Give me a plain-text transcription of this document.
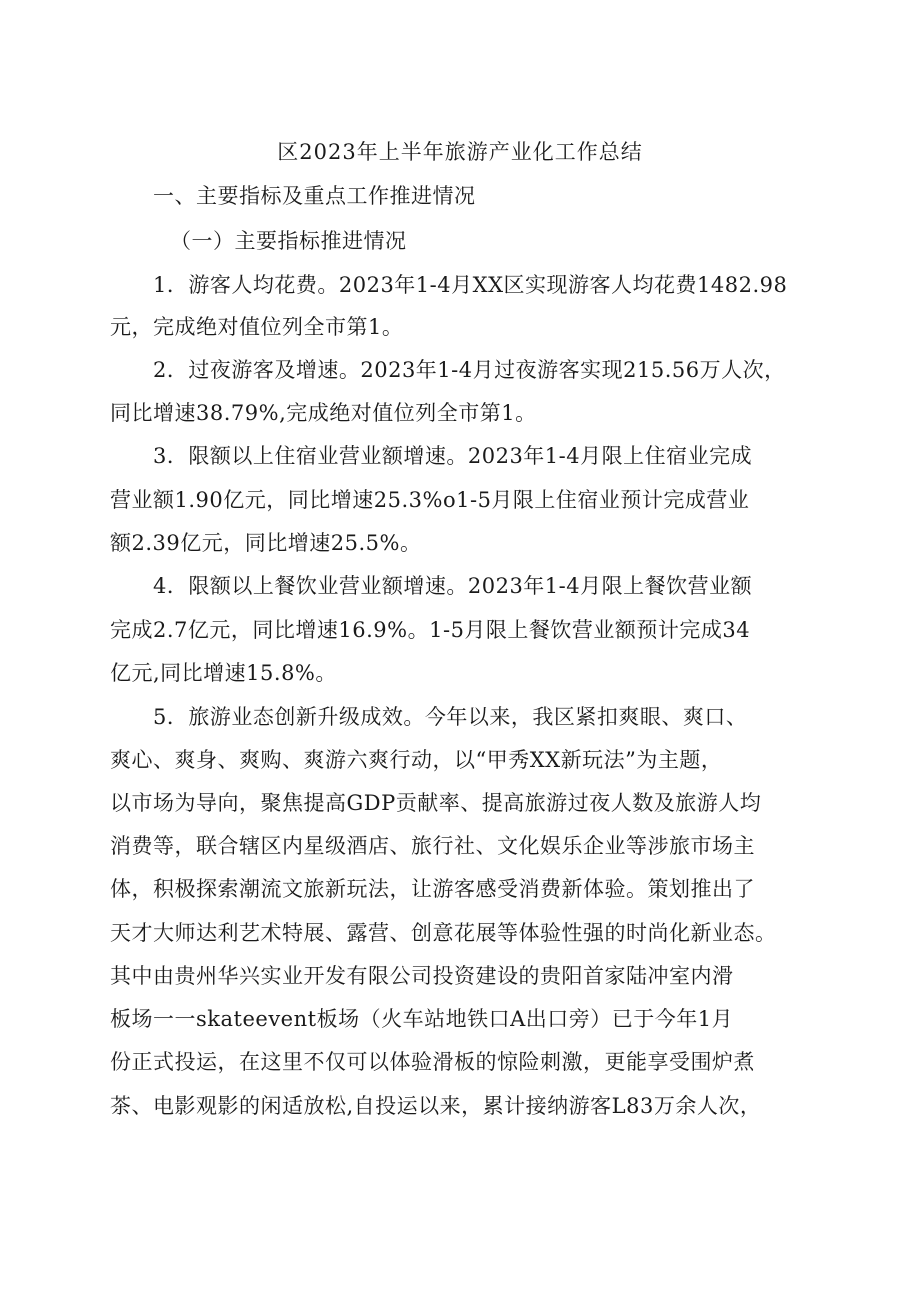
区2023年上半年旅游产业化工作总结
一、主要指标及重点工作推进情况
（一）主要指标推进情况
1．游客人均花费。2023年1-4月XX区实现游客人均花费1482.98
元，完成绝对值位列全市第1。
2．过夜游客及增速。2023年1-4月过夜游客实现215.56万人次，
同比增速38.79%,完成绝对值位列全市第1。
3．限额以上住宿业营业额增速。2023年1-4月限上住宿业完成
营业额1.90亿元，同比增速25.3%o1-5月限上住宿业预计完成营业
额2.39亿元，同比增速25.5%。
4．限额以上餐饮业营业额增速。2023年1-4月限上餐饮营业额
完成2.7亿元，同比增速16.9%。1-5月限上餐饮营业额预计完成34
亿元,同比增速15.8%。
5．旅游业态创新升级成效。今年以来，我区紧扣爽眼、爽口、
爽心、爽身、爽购、爽游六爽行动，以“甲秀XX新玩法”为主题，
以市场为导向，聚焦提高GDP贡献率、提高旅游过夜人数及旅游人均
消费等，联合辖区内星级酒店、旅行社、文化娱乐企业等涉旅市场主
体，积极探索潮流文旅新玩法，让游客感受消费新体验。策划推出了
天才大师达利艺术特展、露营、创意花展等体验性强的时尚化新业态。
其中由贵州华兴实业开发有限公司投资建设的贵阳首家陆冲室内滑
板场一一skateevent板场（火车站地铁口A出口旁）已于今年1月
份正式投运，在这里不仅可以体验滑板的惊险刺激，更能享受围炉煮
茶、电影观影的闲适放松,自投运以来，累计接纳游客L83万余人次，
